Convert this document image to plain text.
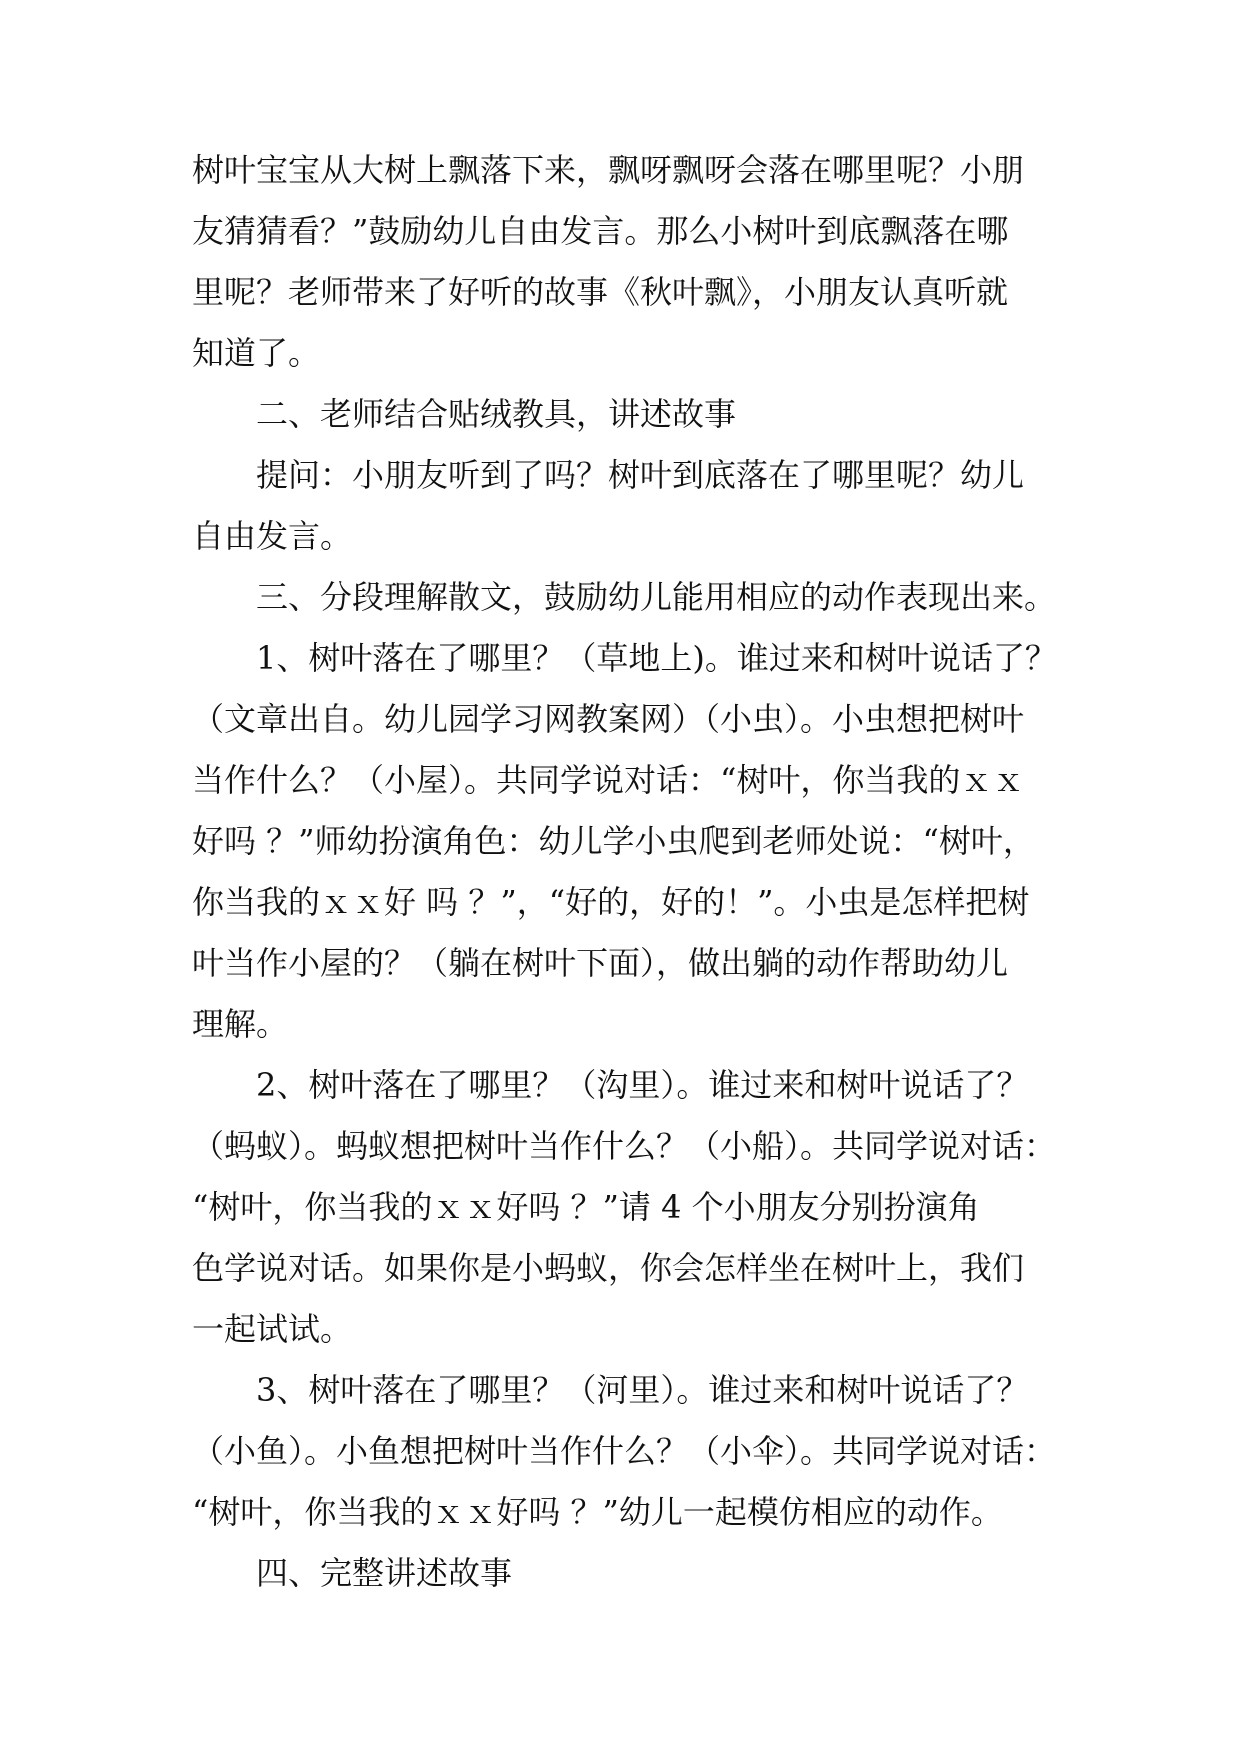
树叶宝宝从大树上飘落下来，飘呀飘呀会落在哪里呢？小朋
友猜猜看？”鼓励幼儿自由发言。那么小树叶到底飘落在哪
里呢？老师带来了好听的故事《秋叶飘》，小朋友认真听就
知道了。
二、老师结合贴绒教具，讲述故事
提问：小朋友听到了吗？树叶到底落在了哪里呢？幼儿
自由发言。
三、分段理解散文，鼓励幼儿能用相应的动作表现出来。
1、树叶落在了哪里？（草地上)。谁过来和树叶说话了？
（文章出自。幼儿园学习网教案网）（小虫）。小虫想把树叶
当作什么？（小屋）。共同学说对话：“树叶，你当我的ｘｘ
好吗 ？”师幼扮演角色：幼儿学小虫爬到老师处说：“树叶，
你当我的ｘｘ好 吗 ？”，“好的，好的！”。小虫是怎样把树
叶当作小屋的？（躺在树叶下面），做出躺的动作帮助幼儿
理解。
2、树叶落在了哪里？（沟里）。谁过来和树叶说话了？
（蚂蚁）。蚂蚁想把树叶当作什么？（小船）。共同学说对话：
“树叶，你当我的ｘｘ好吗 ？”请 4 个小朋友分别扮演角
色学说对话。如果你是小蚂蚁，你会怎样坐在树叶上，我们
一起试试。
3、树叶落在了哪里？（河里）。谁过来和树叶说话了？
（小鱼）。小鱼想把树叶当作什么？（小伞）。共同学说对话：
“树叶，你当我的ｘｘ好吗 ？”幼儿一起模仿相应的动作。
四、完整讲述故事
